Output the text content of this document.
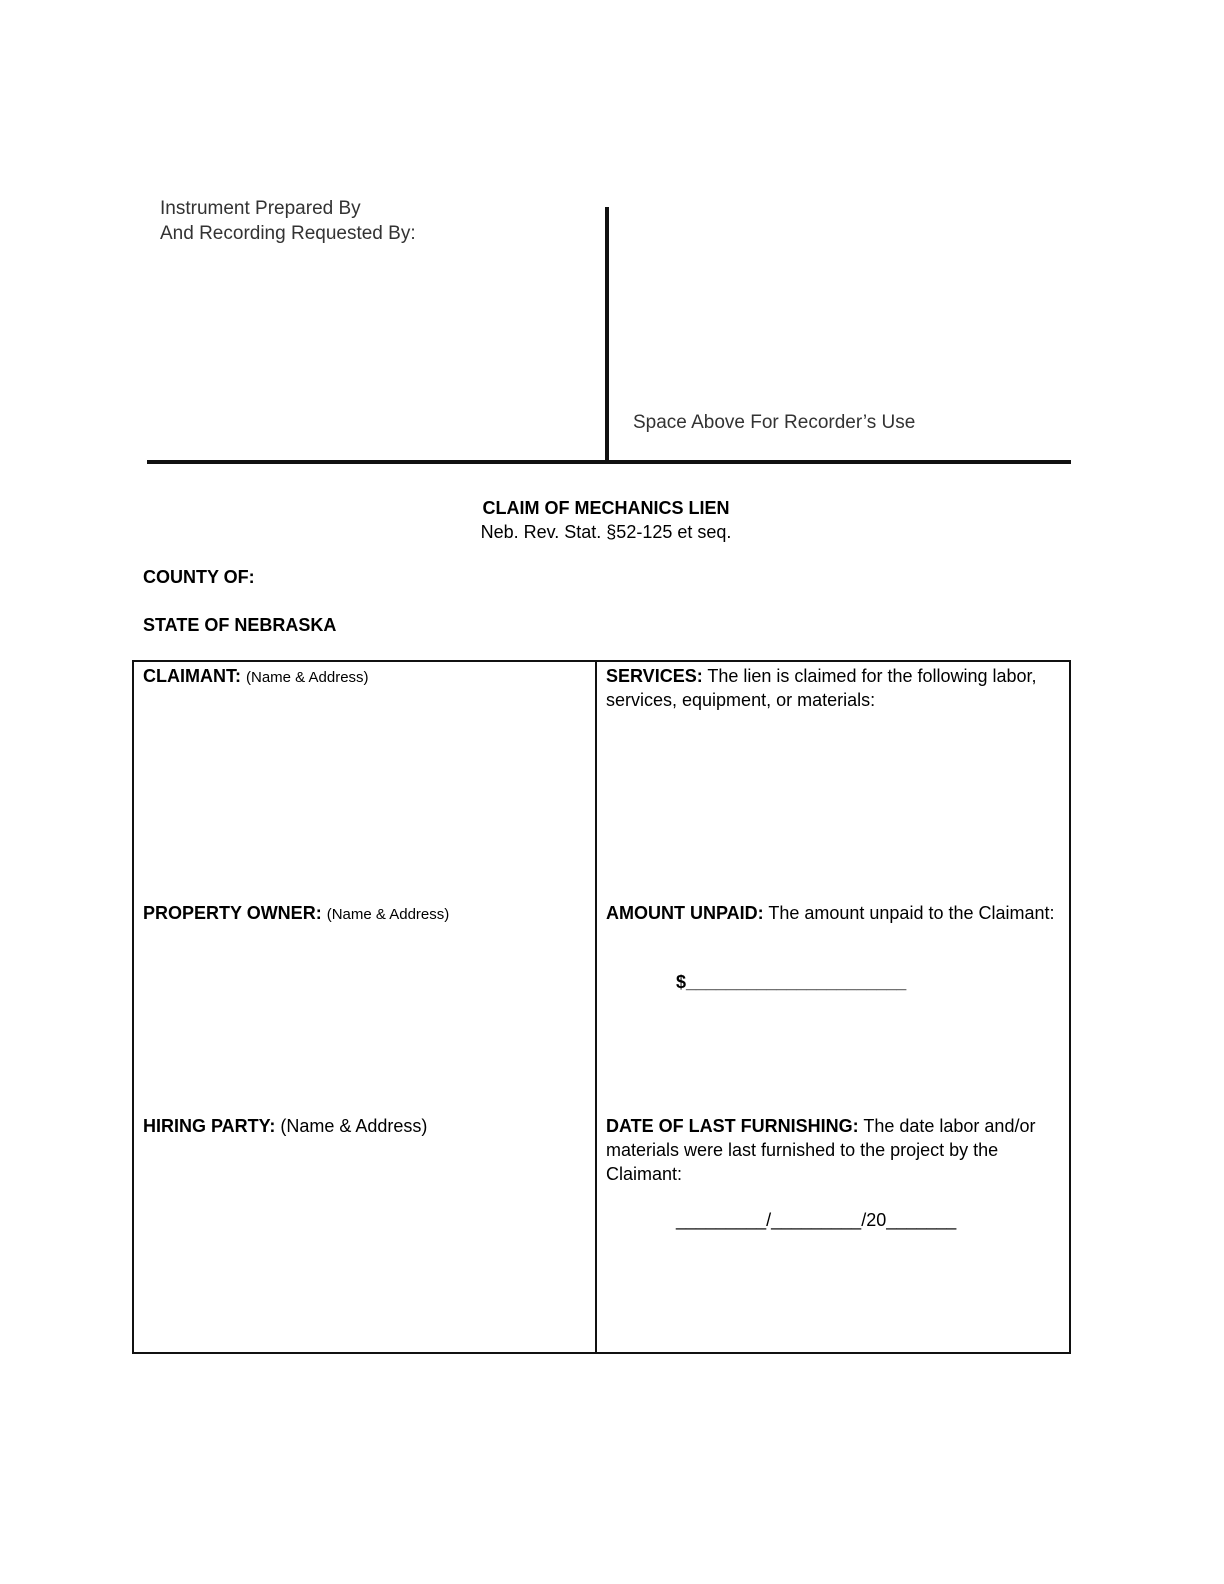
Instrument Prepared By
And Recording Requested By:
Space Above For Recorder’s Use
CLAIM OF MECHANICS LIEN
Neb. Rev. Stat. §52-125 et seq.
COUNTY OF:
STATE OF NEBRASKA
CLAIMANT: (Name & Address)
PROPERTY OWNER: (Name & Address)
HIRING PARTY: (Name & Address)
SERVICES: The lien is claimed for the following labor, services, equipment, or materials:
AMOUNT UNPAID: The amount unpaid to the Claimant:
$______________________
DATE OF LAST FURNISHING: The date labor and/or materials were last furnished to the project by the Claimant:
_________/_________/20_______
